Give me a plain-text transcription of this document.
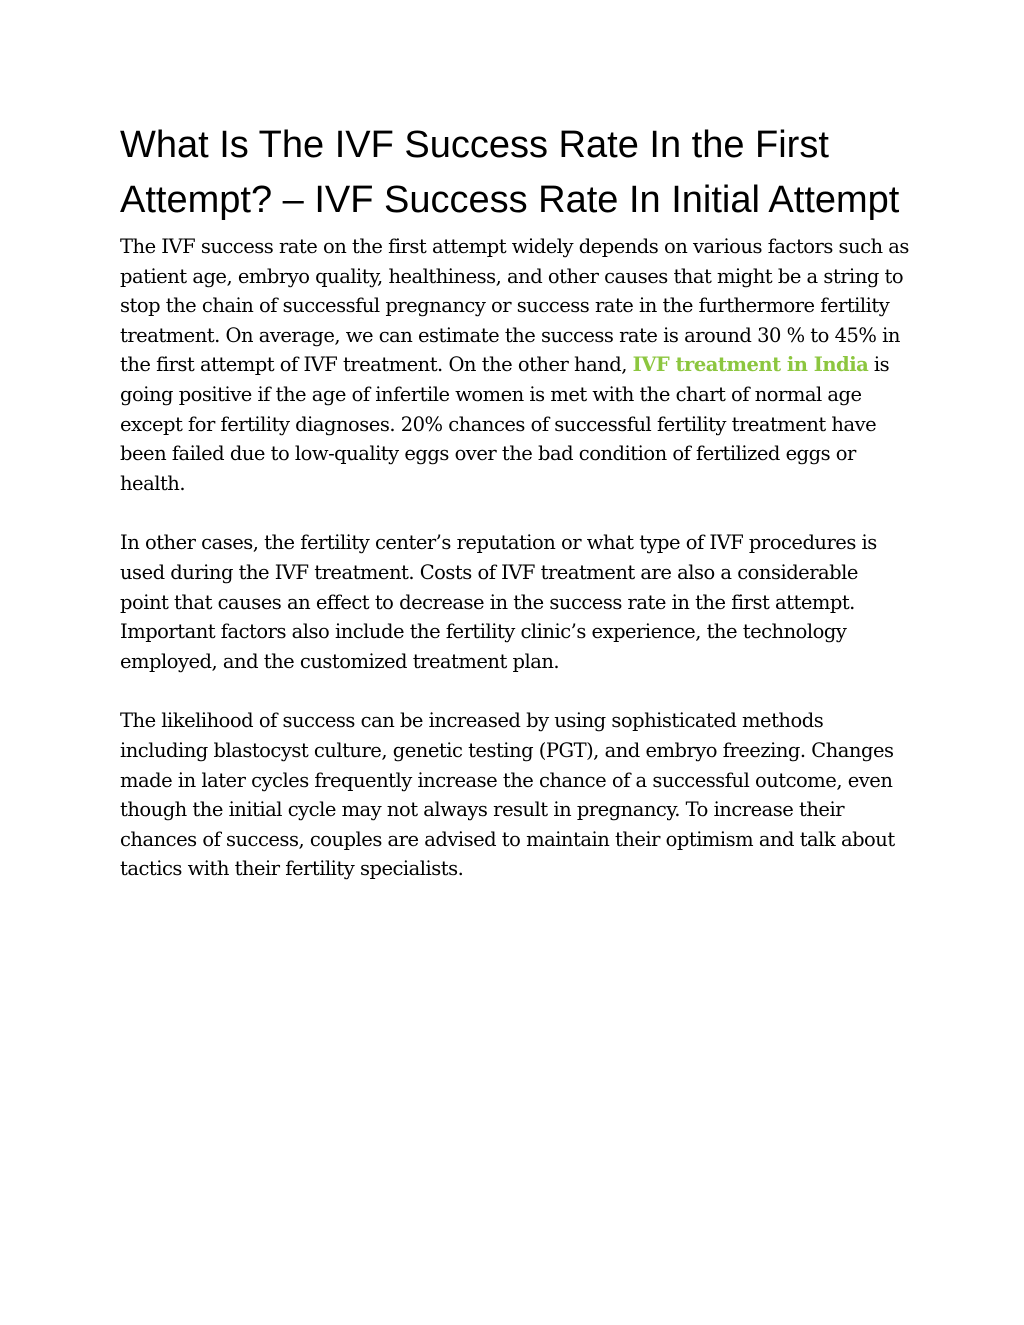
What Is The IVF Success Rate In the First Attempt? – IVF Success Rate In Initial Attempt

The IVF success rate on the first attempt widely depends on various factors such as patient age, embryo quality, healthiness, and other causes that might be a string to stop the chain of successful pregnancy or success rate in the furthermore fertility treatment. On average, we can estimate the success rate is around 30 % to 45% in the first attempt of IVF treatment. On the other hand, IVF treatment in India is going positive if the age of infertile women is met with the chart of normal age except for fertility diagnoses. 20% chances of successful fertility treatment have been failed due to low-quality eggs over the bad condition of fertilized eggs or health.

In other cases, the fertility center’s reputation or what type of IVF procedures is used during the IVF treatment. Costs of IVF treatment are also a considerable point that causes an effect to decrease in the success rate in the first attempt. Important factors also include the fertility clinic’s experience, the technology employed, and the customized treatment plan.

The likelihood of success can be increased by using sophisticated methods including blastocyst culture, genetic testing (PGT), and embryo freezing. Changes made in later cycles frequently increase the chance of a successful outcome, even though the initial cycle may not always result in pregnancy. To increase their chances of success, couples are advised to maintain their optimism and talk about tactics with their fertility specialists.
